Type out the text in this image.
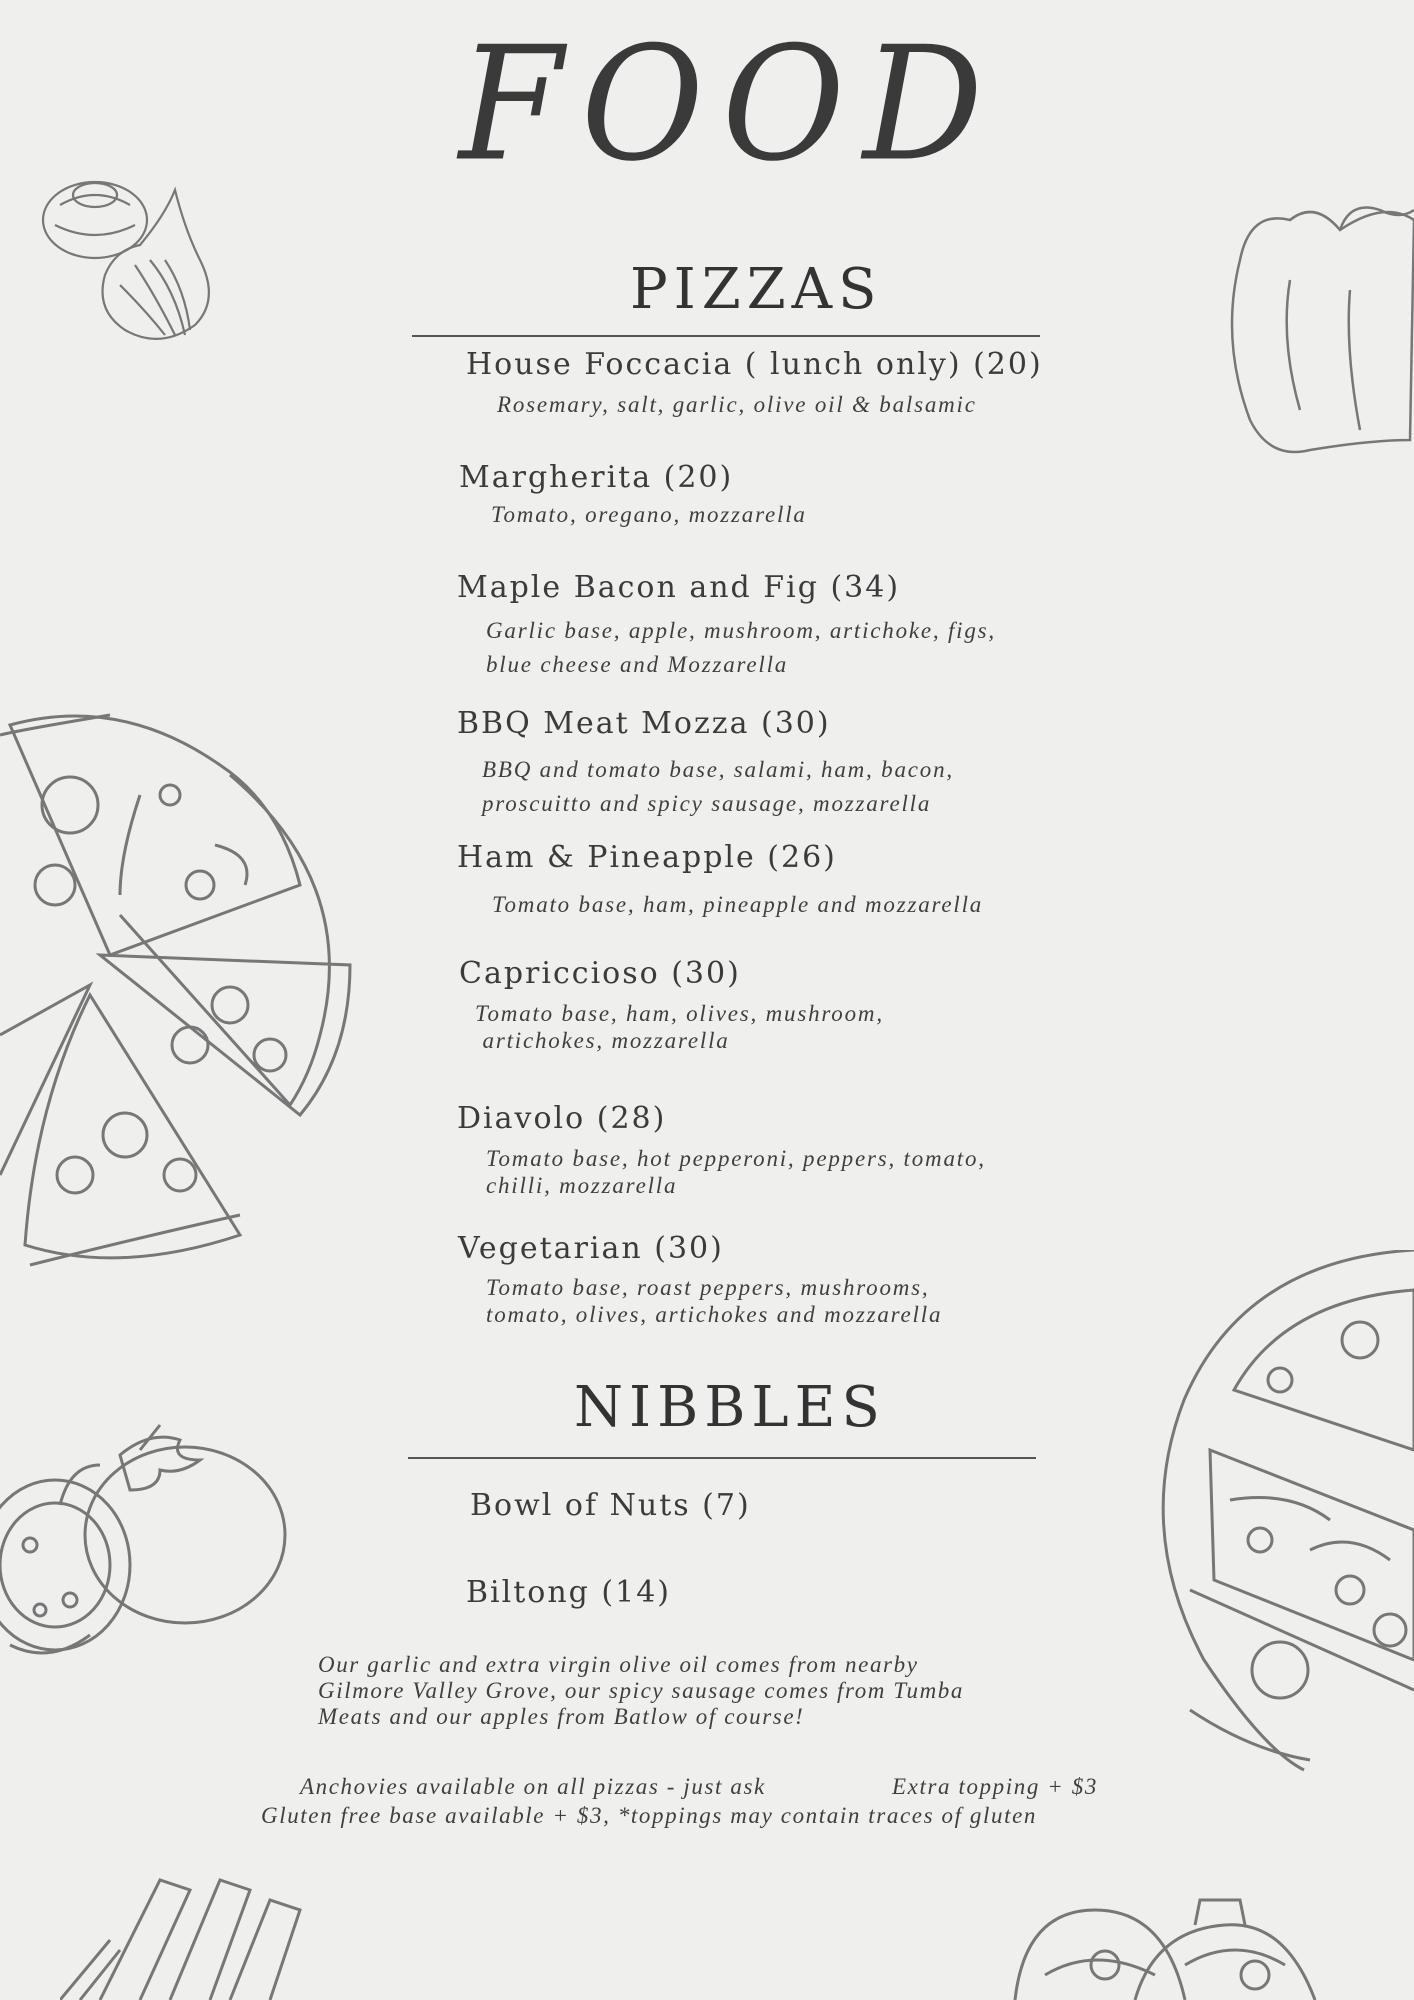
FOOD
PIZZAS
House Foccacia ( lunch only) (20)
Rosemary, salt, garlic, olive oil & balsamic
Margherita (20)
Tomato, oregano, mozzarella
Maple Bacon and Fig (34)
Garlic base, apple, mushroom, artichoke, figs,
blue cheese and Mozzarella
BBQ Meat Mozza (30)
BBQ and tomato base, salami, ham, bacon,
proscuitto and spicy sausage, mozzarella
Ham & Pineapple (26)
Tomato base, ham, pineapple and mozzarella
Capriccioso (30)
Tomato base, ham, olives, mushroom,
artichokes, mozzarella
Diavolo (28)
Tomato base, hot pepperoni, peppers, tomato,
chilli, mozzarella
Vegetarian (30)
Tomato base, roast peppers, mushrooms,
tomato, olives, artichokes and mozzarella
NIBBLES
Bowl of Nuts (7)
Biltong (14)
Our garlic and extra virgin olive oil comes from nearby
Gilmore Valley Grove, our spicy sausage comes from Tumba
Meats and our apples from Batlow of course!
Anchovies available on all pizzas - just ask	Extra topping + $3
Gluten free base available + $3, *toppings may contain traces of gluten
